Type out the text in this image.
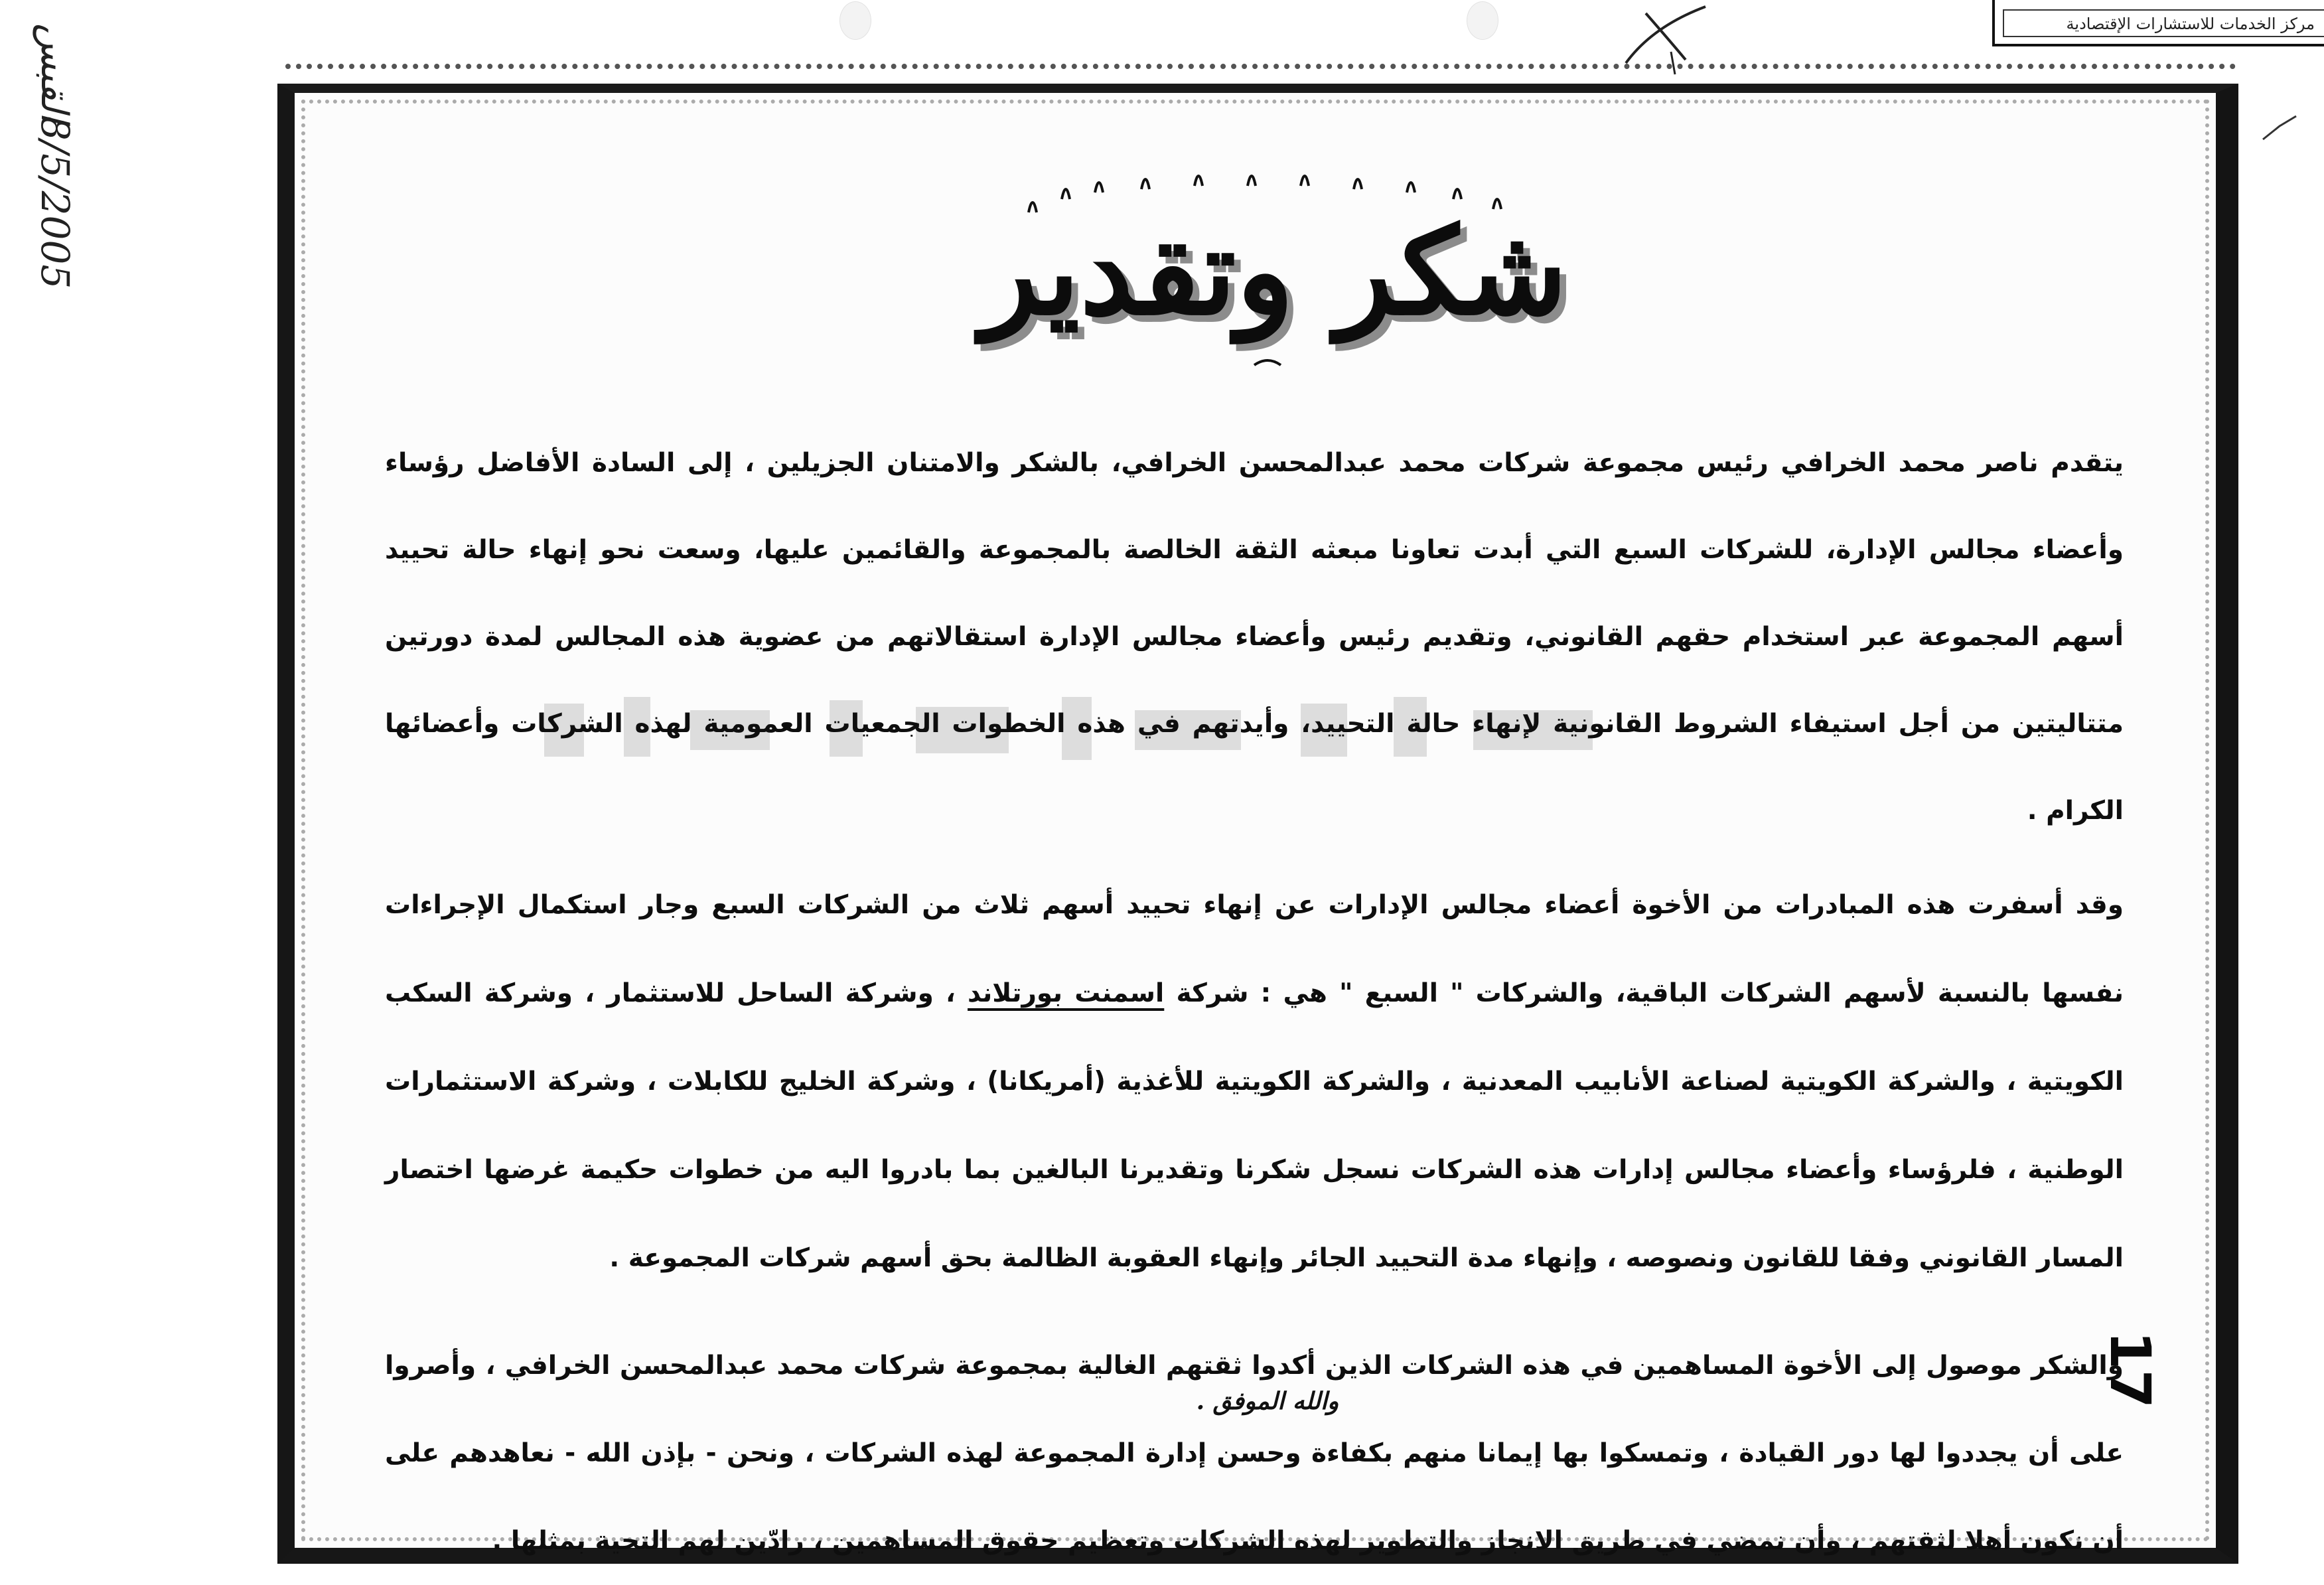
مركز الخدمات للاستشارات الإقتصادية
القبس
8/5/2005	شكر وتقدير

يتقدم ناصر محمد الخرافي رئيس مجموعة شركات محمد عبدالمحسن الخرافي، بالشكر والامتنان الجزيلين ، إلى السادة الأفاضل رؤساء وأعضاء مجالس الإدارة، للشركات السبع التي أبدت تعاونا مبعثه الثقة الخالصة بالمجموعة والقائمين عليها، وسعت نحو إنهاء حالة تحييد أسهم المجموعة عبر استخدام حقهم القانوني، وتقديم رئيس وأعضاء مجالس الإدارة استقالاتهم من عضوية هذه المجالس لمدة دورتين متتاليتين من أجل استيفاء الشروط القانونية لإنهاء حالة التحييد، وأيدتهم في هذه الخطوات الجمعيات العمومية لهذه الشركات وأعضائها الكرام .

وقد أسفرت هذه المبادرات من الأخوة أعضاء مجالس الإدارات عن إنهاء تحييد أسهم ثلاث من الشركات السبع وجار استكمال الإجراءات نفسها بالنسبة لأسهم الشركات الباقية، والشركات " السبع " هي : شركة اسمنت بورتلاند ، وشركة الساحل للاستثمار ، وشركة السكب الكويتية ، والشركة الكويتية لصناعة الأنابيب المعدنية ، والشركة الكويتية للأغذية (أمريكانا) ، وشركة الخليج للكابلات ، وشركة الاستثمارات الوطنية ، فلرؤساء وأعضاء مجالس إدارات هذه الشركات نسجل شكرنا وتقديرنا البالغين بما بادروا اليه من خطوات حكيمة غرضها اختصار المسار القانوني وفقا للقانون ونصوصه ، وإنهاء مدة التحييد الجائر وإنهاء العقوبة الظالمة بحق أسهم شركات المجموعة .

والشكر موصول إلى الأخوة المساهمين في هذه الشركات الذين أكدوا ثقتهم الغالية بمجموعة شركات محمد عبدالمحسن الخرافي ، وأصروا على أن يجددوا لها دور القيادة ، وتمسكوا بها إيمانا منهم بكفاءة وحسن إدارة المجموعة لهذه الشركات ، ونحن - بإذن الله - نعاهدهم على أن نكون أهلا لثقتهم ، وأن نمضي في طريق الانجاز والتطوير لهذه الشركات وتعظيم حقوق المساهمين ، رادّين لهم التحية بمثلها .

والله الموفق .	17
